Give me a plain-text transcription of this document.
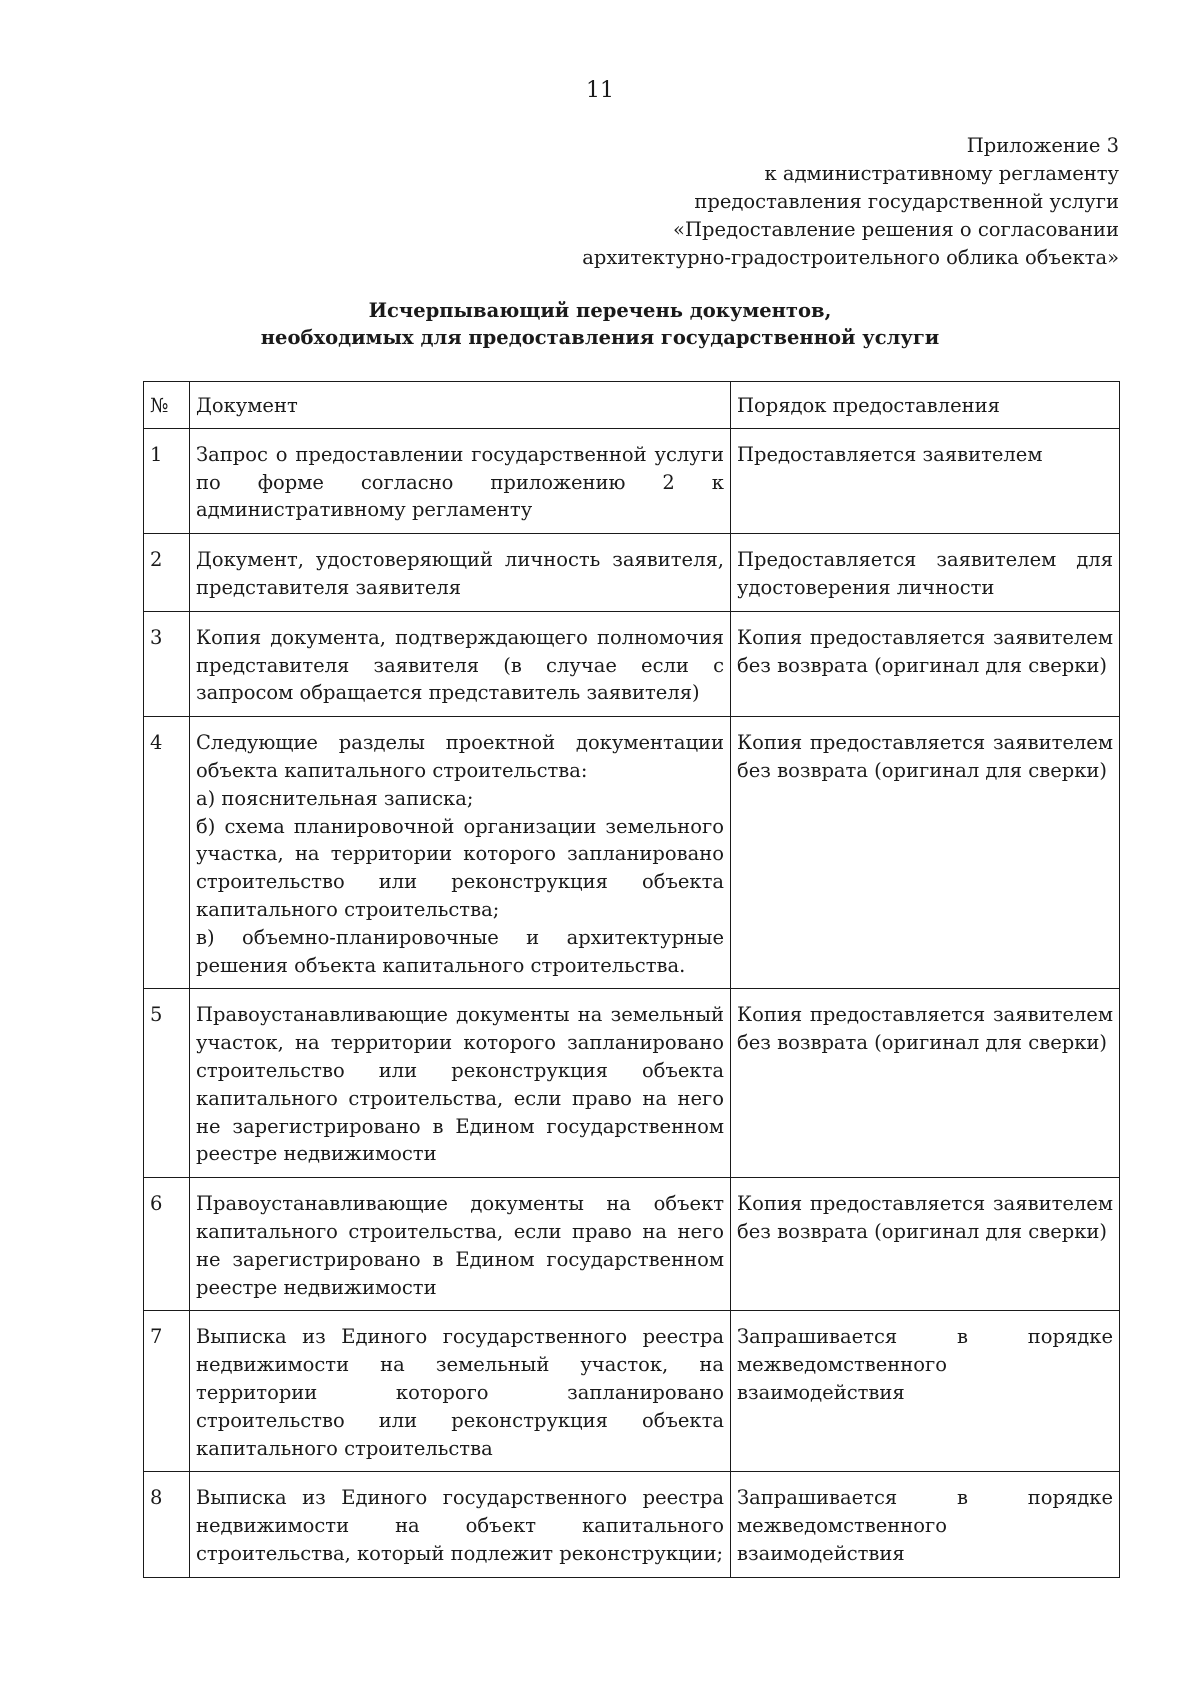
11
Приложение 3
к административному регламенту
предоставления государственной услуги
«Предоставление решения о согласовании
архитектурно-градостроительного облика объекта»
Исчерпывающий перечень документов,
необходимых для предоставления государственной услуги
№	Документ	Порядок предоставления
1	Запрос о предоставлении государственной услуги по форме согласно приложению 2 к административному регламенту	Предоставляется заявителем

2	Документ, удостоверяющий личность заявителя, представителя заявителя	Предоставляется заявителем для удостоверения личности

3	Копия документа, подтверждающего полномочия представителя заявителя (в случае если с запросом обращается представитель заявителя)	Копия предоставляется заявителем без возврата (оригинал для сверки)

4	Следующие разделы проектной документации объекта капитального строительства:
а) пояснительная записка;
б) схема планировочной организации земельного участка, на территории которого запланировано строительство или реконструкция объекта капитального строительства;
в) объемно-планировочные и архитектурные решения объекта капитального строительства.	Копия предоставляется заявителем без возврата (оригинал для сверки)

5	Правоустанавливающие документы на земельный участок, на территории которого запланировано строительство или реконструкция объекта капитального строительства, если право на него не зарегистрировано в Едином государственном реестре недвижимости	Копия предоставляется заявителем без возврата (оригинал для сверки)

6	Правоустанавливающие документы на объект капитального строительства, если право на него не зарегистрировано в Едином государственном реестре недвижимости	Копия предоставляется заявителем без возврата (оригинал для сверки)

7	Выписка из Единого государственного реестра недвижимости на земельный участок, на территории которого запланировано строительство или реконструкция объекта капитального строительства	Запрашивается в порядке межведомственного взаимодействия

8	Выписка из Единого государственного реестра недвижимости на объект капитального строительства, который подлежит реконструкции;	Запрашивается в порядке межведомственного взаимодействия
